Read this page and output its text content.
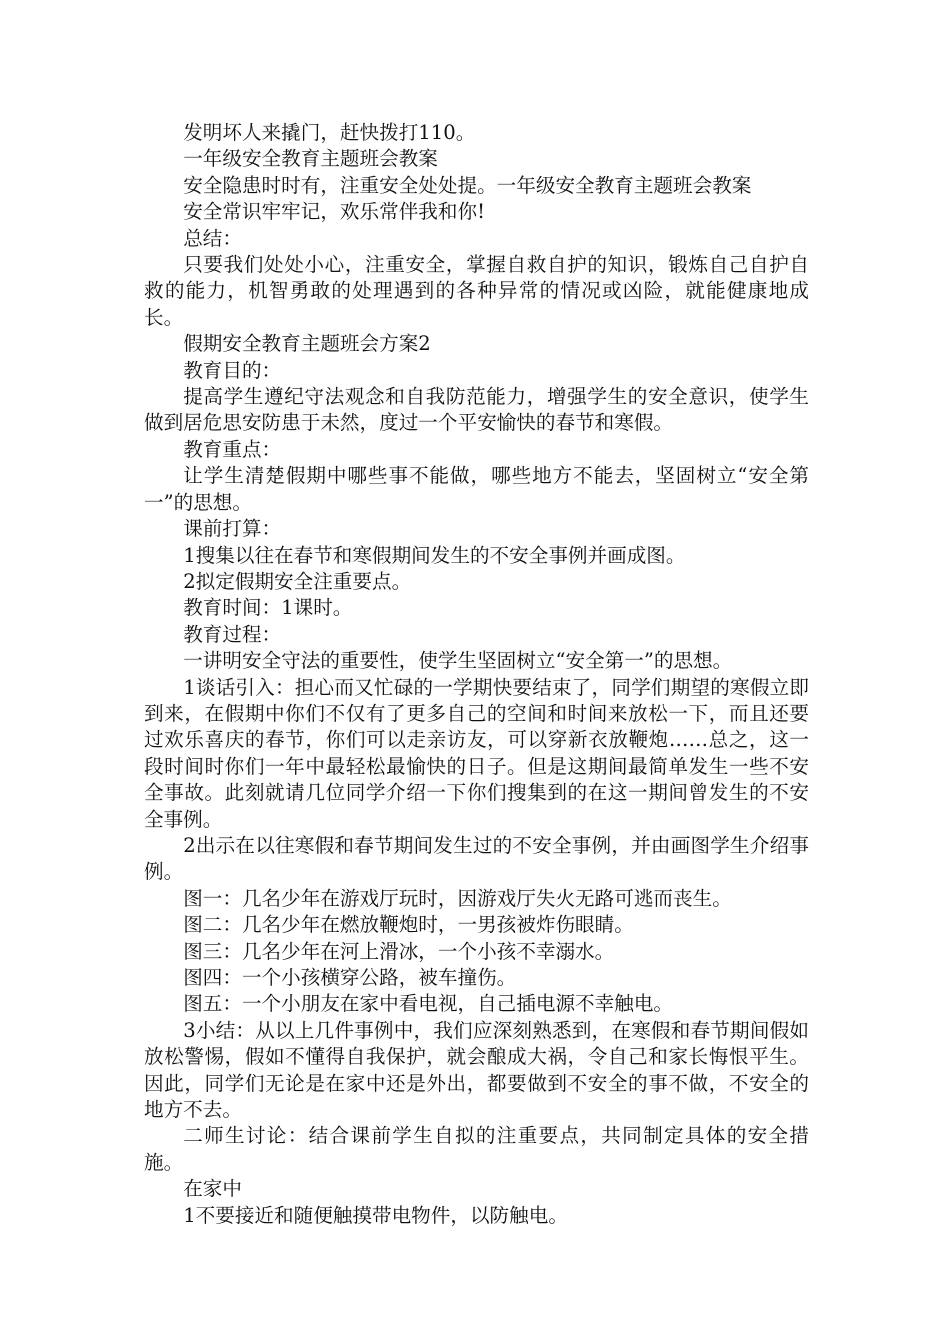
发明坏人来撬门，赶快拨打110。

一年级安全教育主题班会教案

安全隐患时时有，注重安全处处提。一年级安全教育主题班会教案

安全常识牢牢记，欢乐常伴我和你!

总结：

只要我们处处小心，注重安全，掌握自救自护的知识，锻炼自己自护自救的能力，机智勇敢的处理遇到的各种异常的情况或凶险，就能健康地成长。

假期安全教育主题班会方案2

教育目的：

提高学生遵纪守法观念和自我防范能力，增强学生的安全意识，使学生做到居危思安防患于未然，度过一个平安愉快的春节和寒假。

教育重点：

让学生清楚假期中哪些事不能做，哪些地方不能去，坚固树立“安全第一”的思想。

课前打算：

1搜集以往在春节和寒假期间发生的不安全事例并画成图。

2拟定假期安全注重要点。

教育时间：1课时。

教育过程：

一讲明安全守法的重要性，使学生坚固树立“安全第一”的思想。

1谈话引入：担心而又忙碌的一学期快要结束了，同学们期望的寒假立即到来，在假期中你们不仅有了更多自己的空间和时间来放松一下，而且还要过欢乐喜庆的春节，你们可以走亲访友，可以穿新衣放鞭炮……总之，这一段时间时你们一年中最轻松最愉快的日子。但是这期间最简单发生一些不安全事故。此刻就请几位同学介绍一下你们搜集到的在这一期间曾发生的不安全事例。

2出示在以往寒假和春节期间发生过的不安全事例，并由画图学生介绍事例。

图一：几名少年在游戏厅玩时，因游戏厅失火无路可逃而丧生。

图二：几名少年在燃放鞭炮时，一男孩被炸伤眼睛。

图三：几名少年在河上滑冰，一个小孩不幸溺水。

图四：一个小孩横穿公路，被车撞伤。

图五：一个小朋友在家中看电视，自己插电源不幸触电。

3小结：从以上几件事例中，我们应深刻熟悉到，在寒假和春节期间假如放松警惕，假如不懂得自我保护，就会酿成大祸，令自己和家长悔恨平生。因此，同学们无论是在家中还是外出，都要做到不安全的事不做，不安全的地方不去。

二师生讨论：结合课前学生自拟的注重要点，共同制定具体的安全措施。

在家中

1不要接近和随便触摸带电物件，以防触电。
